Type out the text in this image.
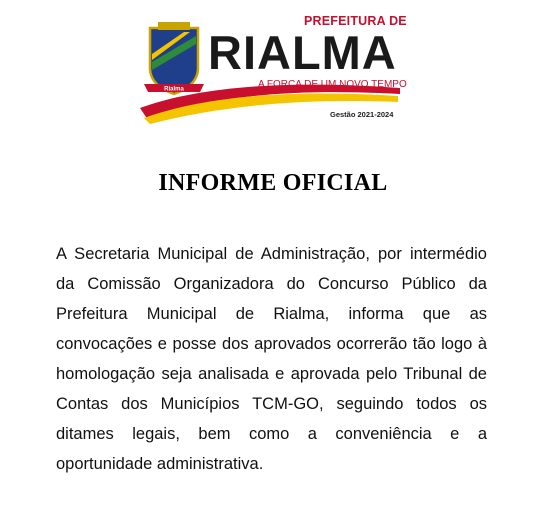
Rialma
PREFEITURA DE
RIALMA
A FORÇA DE UM NOVO TEMPO
Gestão 2021-2024
INFORME OFICIAL

A Secretaria Municipal de Administração, por intermédio da Comissão Organizadora do Concurso Público da Prefeitura Municipal de Rialma, informa que as convocações e posse dos aprovados ocorrerão tão logo à homologação seja analisada e aprovada pelo Tribunal de Contas dos Municípios TCM-GO, seguindo todos os ditames legais, bem como a conveniência e a oportunidade administrativa.
